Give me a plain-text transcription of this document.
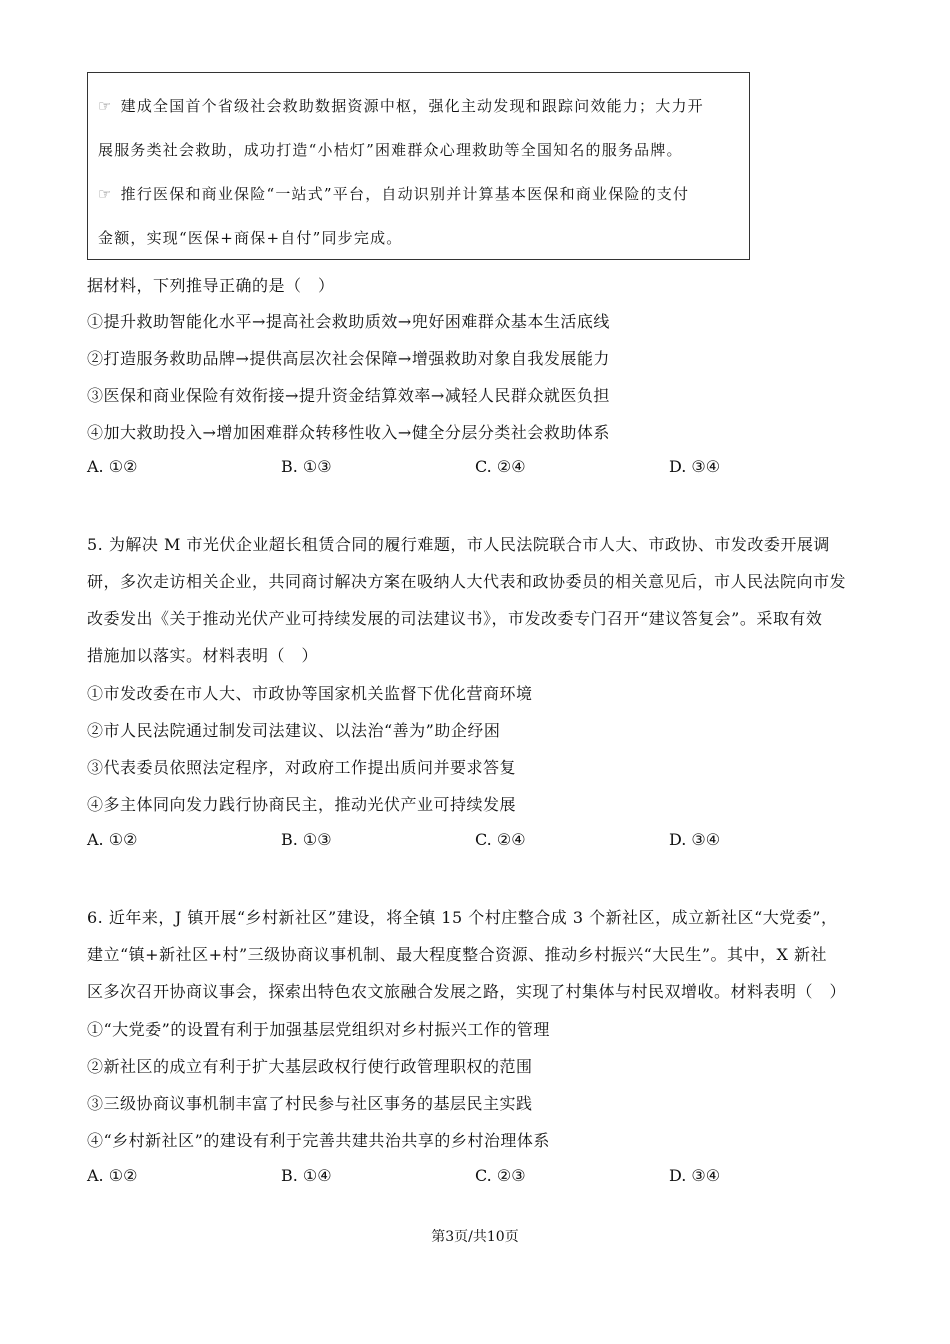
☞ 建成全国首个省级社会救助数据资源中枢，强化主动发现和跟踪问效能力；大力开
展服务类社会救助，成功打造“小桔灯”困难群众心理救助等全国知名的服务品牌。
☞ 推行医保和商业保险“一站式”平台，自动识别并计算基本医保和商业保险的支付
金额，实现“医保+商保+自付”同步完成。
据材料，下列推导正确的是（　）
①提升救助智能化水平→提高社会救助质效→兜好困难群众基本生活底线
②打造服务救助品牌→提供高层次社会保障→增强救助对象自我发展能力
③医保和商业保险有效衔接→提升资金结算效率→减轻人民群众就医负担
④加大救助投入→增加困难群众转移性收入→健全分层分类社会救助体系
A. ①②	B. ①③	C. ②④	D. ③④
5. 为解决 M 市光伏企业超长租赁合同的履行难题，市人民法院联合市人大、市政协、市发改委开展调
研，多次走访相关企业，共同商讨解决方案在吸纳人大代表和政协委员的相关意见后，市人民法院向市发
改委发出《关于推动光伏产业可持续发展的司法建议书》，市发改委专门召开“建议答复会”。采取有效
措施加以落实。材料表明（　）
①市发改委在市人大、市政协等国家机关监督下优化营商环境
②市人民法院通过制发司法建议、以法治“善为”助企纾困
③代表委员依照法定程序，对政府工作提出质问并要求答复
④多主体同向发力践行协商民主，推动光伏产业可持续发展
A. ①②	B. ①③	C. ②④	D. ③④
6. 近年来，J 镇开展“乡村新社区”建设，将全镇 15 个村庄整合成 3 个新社区，成立新社区“大党委”，
建立“镇+新社区+村”三级协商议事机制、最大程度整合资源、推动乡村振兴“大民生”。其中，X 新社
区多次召开协商议事会，探索出特色农文旅融合发展之路，实现了村集体与村民双增收。材料表明（　）
①“大党委”的设置有利于加强基层党组织对乡村振兴工作的管理
②新社区的成立有利于扩大基层政权行使行政管理职权的范围
③三级协商议事机制丰富了村民参与社区事务的基层民主实践
④“乡村新社区”的建设有利于完善共建共治共享的乡村治理体系
A. ①②	B. ①④	C. ②③	D. ③④
第3页/共10页
